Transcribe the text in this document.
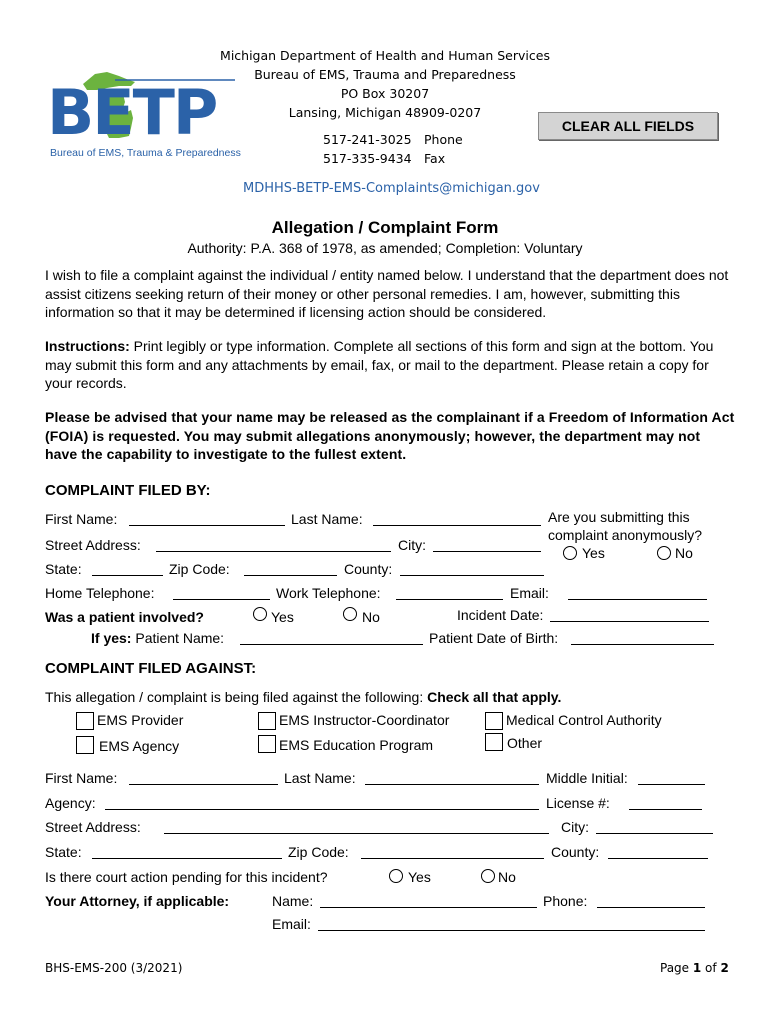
BETP
Bureau of EMS, Trauma & Preparedness
Michigan Department of Health and Human Services
Bureau of EMS, Trauma and Preparedness
PO Box 30207
Lansing, Michigan 48909-0207
517-241-3025 Phone
517-335-9434 Fax
CLEAR ALL FIELDS
MDHHS-BETP-EMS-Complaints@michigan.gov
Allegation / Complaint Form
Authority: P.A. 368 of 1978, as amended; Completion: Voluntary
I wish to file a complaint against the individual / entity named below. I understand that the department does not assist citizens seeking return of their money or other personal remedies. I am, however, submitting this information so that it may be determined if licensing action should be considered.
Instructions: Print legibly or type information. Complete all sections of this form and sign at the bottom. You may submit this form and any attachments by email, fax, or mail to the department. Please retain a copy for your records.
Please be advised that your name may be released as the complainant if a Freedom of Information Act (FOIA) is requested. You may submit allegations anonymously; however, the department may not have the capability to investigate to the fullest extent.
COMPLAINT FILED BY:
First Name:	Last Name:	Are you submitting this
complaint anonymously?
Yes	No
Street Address:	City:
State:	Zip Code:	County:
Home Telephone:	Work Telephone:	Email:
Was a patient involved?	Yes	No	Incident Date:
If yes: Patient Name:	Patient Date of Birth:
COMPLAINT FILED AGAINST:
This allegation / complaint is being filed against the following: Check all that apply.
EMS Provider	EMS Instructor-Coordinator	Medical Control Authority
EMS Agency	EMS Education Program	Other
First Name:	Last Name:	Middle Initial:
Agency:	License #:
Street Address:	City:
State:	Zip Code:	County:
Is there court action pending for this incident?	Yes	No
Your Attorney, if applicable:	Name:	Phone:
Email:
BHS-EMS-200 (3/2021)	Page 1 of 2
